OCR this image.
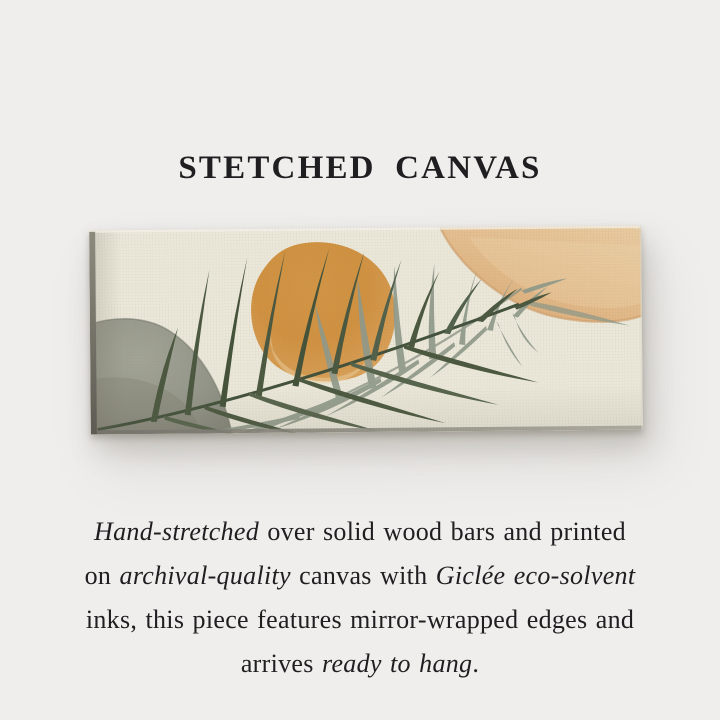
STETCHED CANVAS

Hand-stretched over solid wood bars and printed
on archival-quality canvas with Giclée eco-solvent
inks, this piece features mirror-wrapped edges and
arrives ready to hang.
